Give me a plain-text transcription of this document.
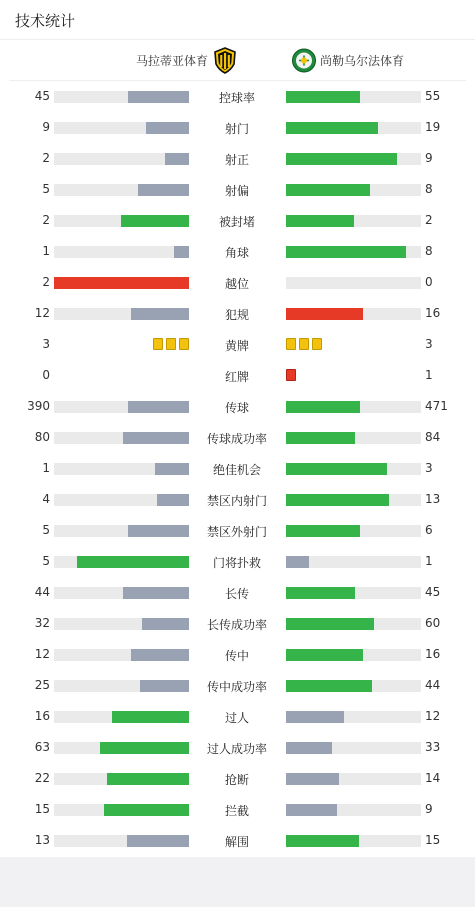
技术统计
马拉蒂亚体育	尚勒乌尔法体育
45	控球率	55
9	射门	19
2	射正	9
5	射偏	8
2	被封堵	2
1	角球	8
2	越位	0
12	犯规	16
3	黄牌	3
0	红牌	1
390	传球	471
80	传球成功率	84
1	绝佳机会	3
4	禁区内射门	13
5	禁区外射门	6
5	门将扑救	1
44	长传	45
32	长传成功率	60
12	传中	16
25	传中成功率	44
16	过人	12
63	过人成功率	33
22	抢断	14
15	拦截	9
13	解围	15
